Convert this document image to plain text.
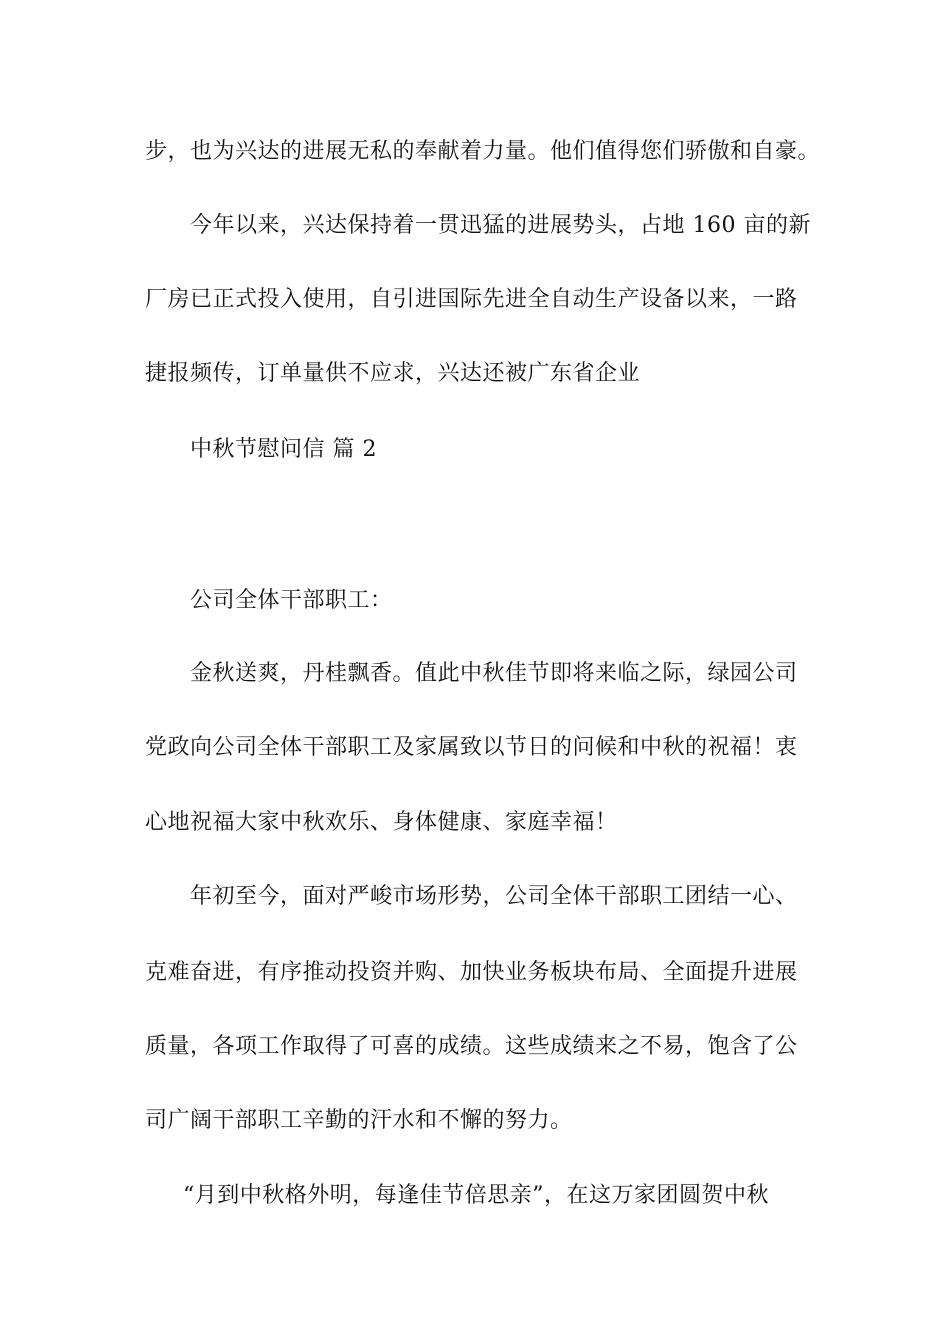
步，也为兴达的进展无私的奉献着力量。他们值得您们骄傲和自豪。
今年以来，兴达保持着一贯迅猛的进展势头，占地 160 亩的新
厂房已正式投入使用，自引进国际先进全自动生产设备以来，一路
捷报频传，订单量供不应求，兴达还被广东省企业
中秋节慰问信 篇 2
公司全体干部职工：
金秋送爽，丹桂飘香。值此中秋佳节即将来临之际，绿园公司
党政向公司全体干部职工及家属致以节日的问候和中秋的祝福！衷
心地祝福大家中秋欢乐、身体健康、家庭幸福！
年初至今，面对严峻市场形势，公司全体干部职工团结一心、
克难奋进，有序推动投资并购、加快业务板块布局、全面提升进展
质量，各项工作取得了可喜的成绩。这些成绩来之不易，饱含了公
司广阔干部职工辛勤的汗水和不懈的努力。
“月到中秋格外明，每逢佳节倍思亲”，在这万家团圆贺中秋
